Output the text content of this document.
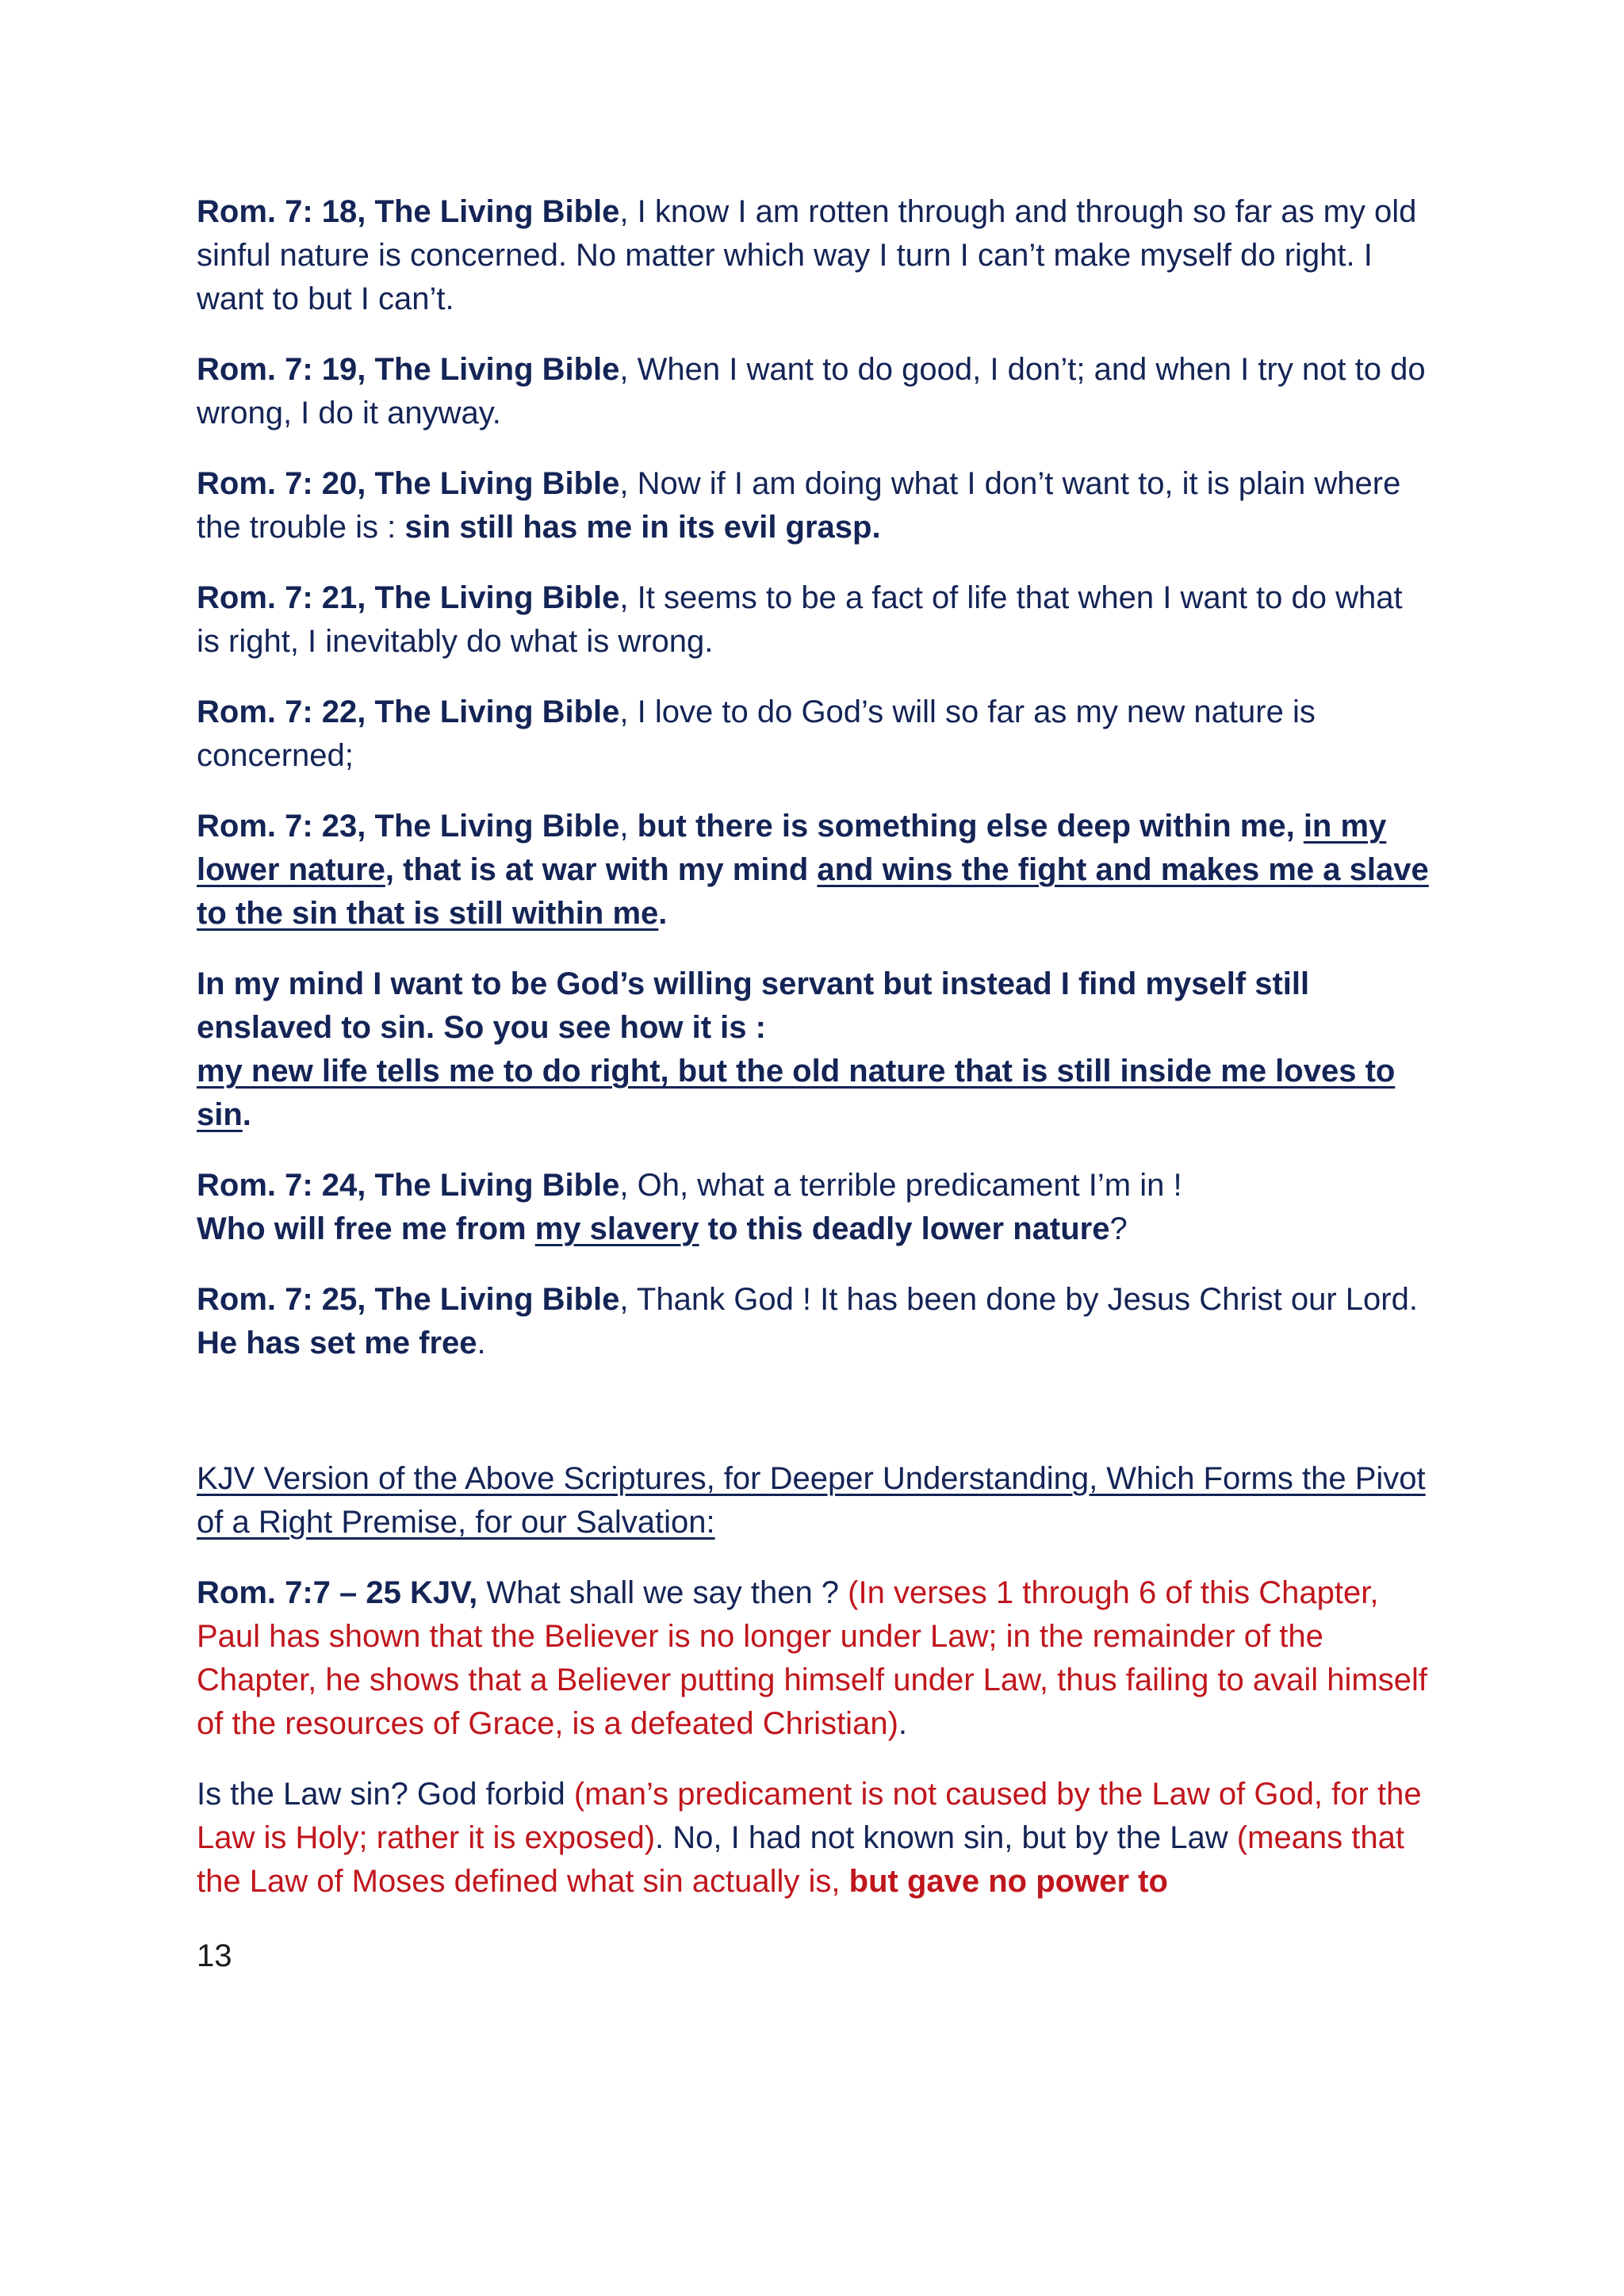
Rom. 7: 18, The Living Bible, I know I am rotten through and through so far as my old sinful nature is concerned. No matter which way I turn I can’t make myself do right. I want to but I can’t.

Rom. 7: 19, The Living Bible, When I want to do good, I don’t; and when I try not to do wrong, I do it anyway.

Rom. 7: 20, The Living Bible, Now if I am doing what I don’t want to, it is plain where the trouble is : sin still has me in its evil grasp.

Rom. 7: 21, The Living Bible, It seems to be a fact of life that when I want to do what is right, I inevitably do what is wrong.

Rom. 7: 22, The Living Bible, I love to do God’s will so far as my new nature is concerned;

Rom. 7: 23, The Living Bible, but there is something else deep within me, in my lower nature, that is at war with my mind and wins the fight and makes me a slave to the sin that is still within me.

In my mind I want to be God’s willing servant but instead I find myself still enslaved to sin. So you see how it is :
my new life tells me to do right, but the old nature that is still inside me loves to sin.

Rom. 7: 24, The Living Bible, Oh, what a terrible predicament I’m in !
Who will free me from my slavery to this deadly lower nature?

Rom. 7: 25, The Living Bible, Thank God ! It has been done by Jesus Christ our Lord. He has set me free.

KJV Version of the Above Scriptures, for Deeper Understanding, Which Forms the Pivot of a Right Premise, for our Salvation:

Rom. 7:7 – 25 KJV, What shall we say then ? (In verses 1 through 6 of this Chapter, Paul has shown that the Believer is no longer under Law; in the remainder of the Chapter, he shows that a Believer putting himself under Law, thus failing to avail himself of the resources of Grace, is a defeated Christian).

Is the Law sin? God forbid (man’s predicament is not caused by the Law of God, for the Law is Holy; rather it is exposed). No, I had not known sin, but by the Law (means that the Law of Moses defined what sin actually is, but gave no power to

13
